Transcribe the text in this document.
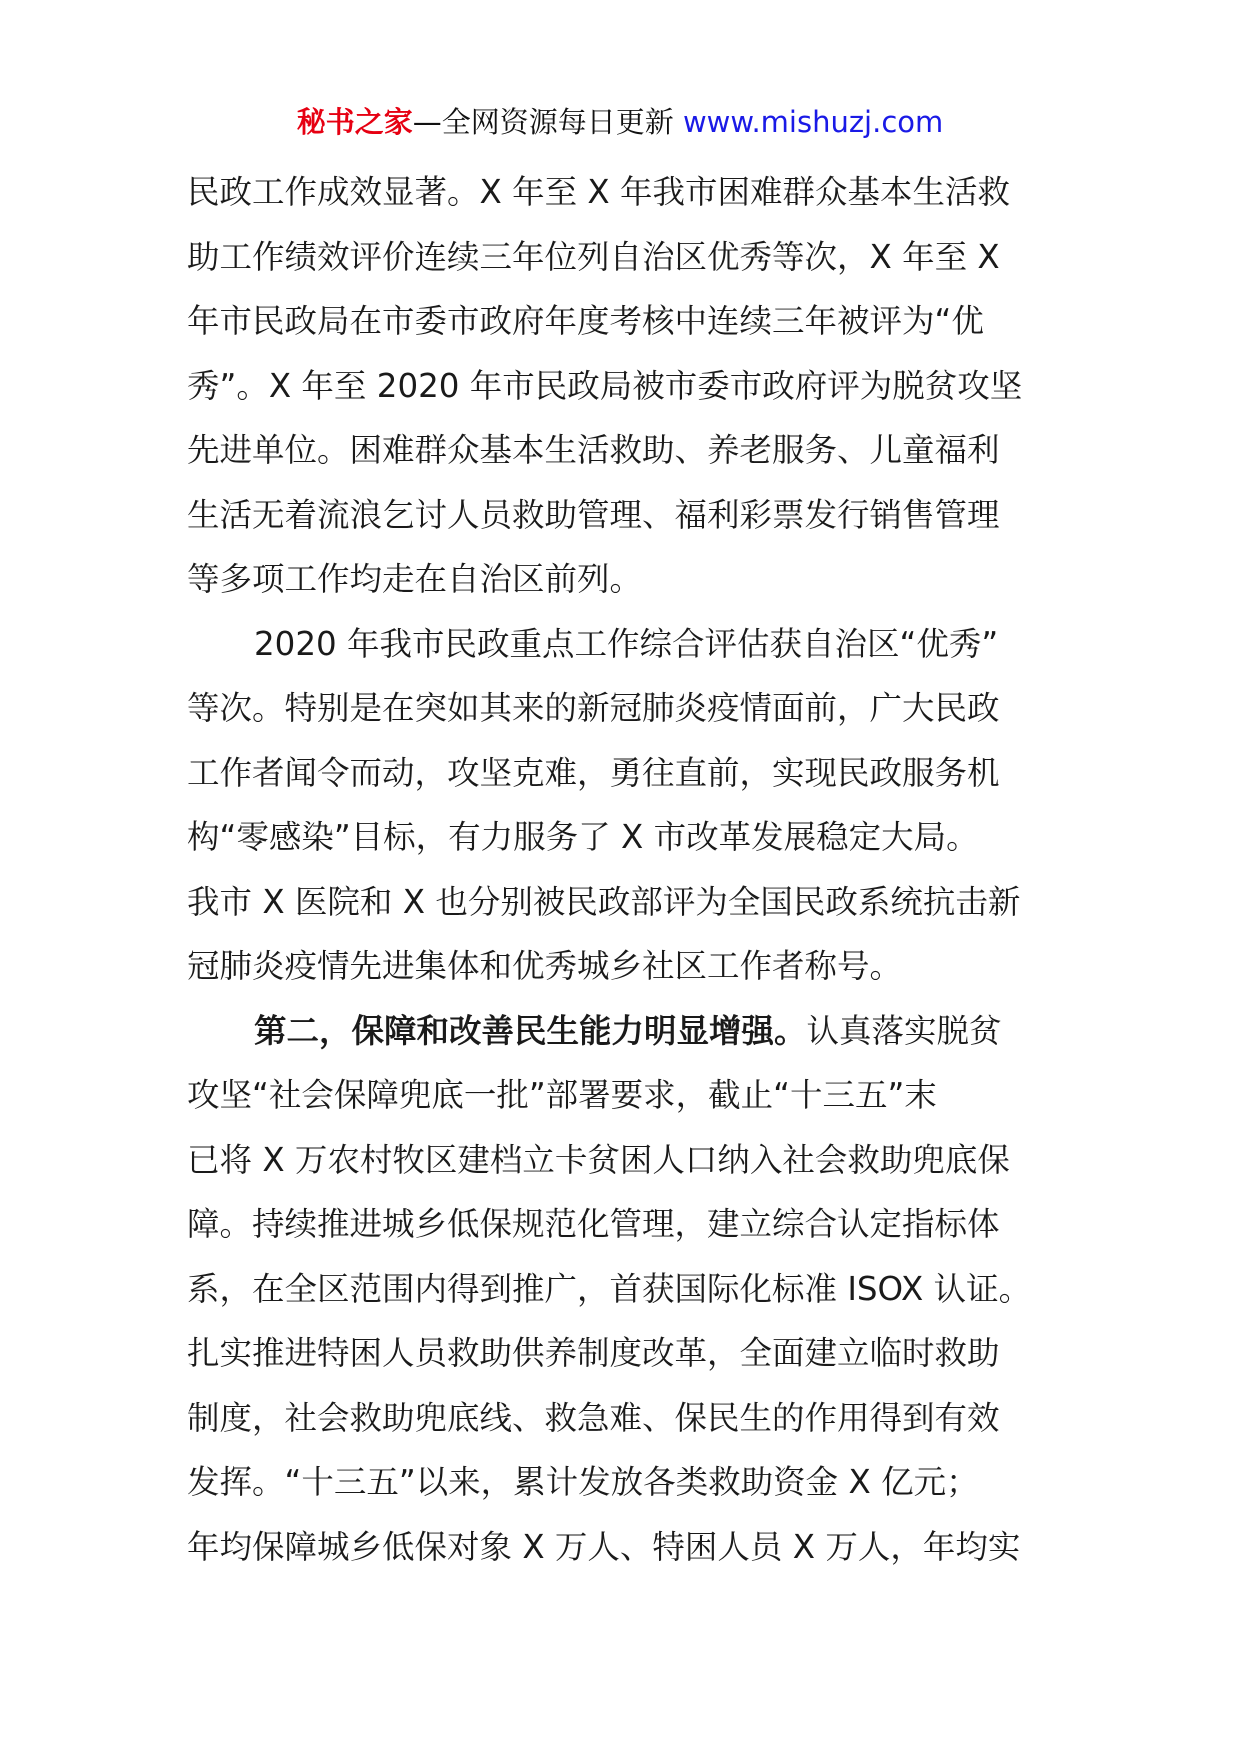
秘书之家—全网资源每日更新 www.mishuzj.com
民政工作成效显著。X 年至 X 年我市困难群众基本生活救
助工作绩效评价连续三年位列自治区优秀等次，X 年至 X
年市民政局在市委市政府年度考核中连续三年被评为“优
秀”。X 年至 2020 年市民政局被市委市政府评为脱贫攻坚
先进单位。困难群众基本生活救助、养老服务、儿童福利
生活无着流浪乞讨人员救助管理、福利彩票发行销售管理
等多项工作均走在自治区前列。
2020 年我市民政重点工作综合评估获自治区“优秀”
等次。特别是在突如其来的新冠肺炎疫情面前，广大民政
工作者闻令而动，攻坚克难，勇往直前，实现民政服务机
构“零感染”目标，有力服务了 X 市改革发展稳定大局。
我市 X 医院和 X 也分别被民政部评为全国民政系统抗击新
冠肺炎疫情先进集体和优秀城乡社区工作者称号。
第二，保障和改善民生能力明显增强。认真落实脱贫
攻坚“社会保障兜底一批”部署要求，截止“十三五”末
已将 X 万农村牧区建档立卡贫困人口纳入社会救助兜底保
障。持续推进城乡低保规范化管理，建立综合认定指标体
系，在全区范围内得到推广，首获国际化标准 ISOX 认证。
扎实推进特困人员救助供养制度改革，全面建立临时救助
制度，社会救助兜底线、救急难、保民生的作用得到有效
发挥。“十三五”以来，累计发放各类救助资金 X 亿元；
年均保障城乡低保对象 X 万人、特困人员 X 万人，年均实
